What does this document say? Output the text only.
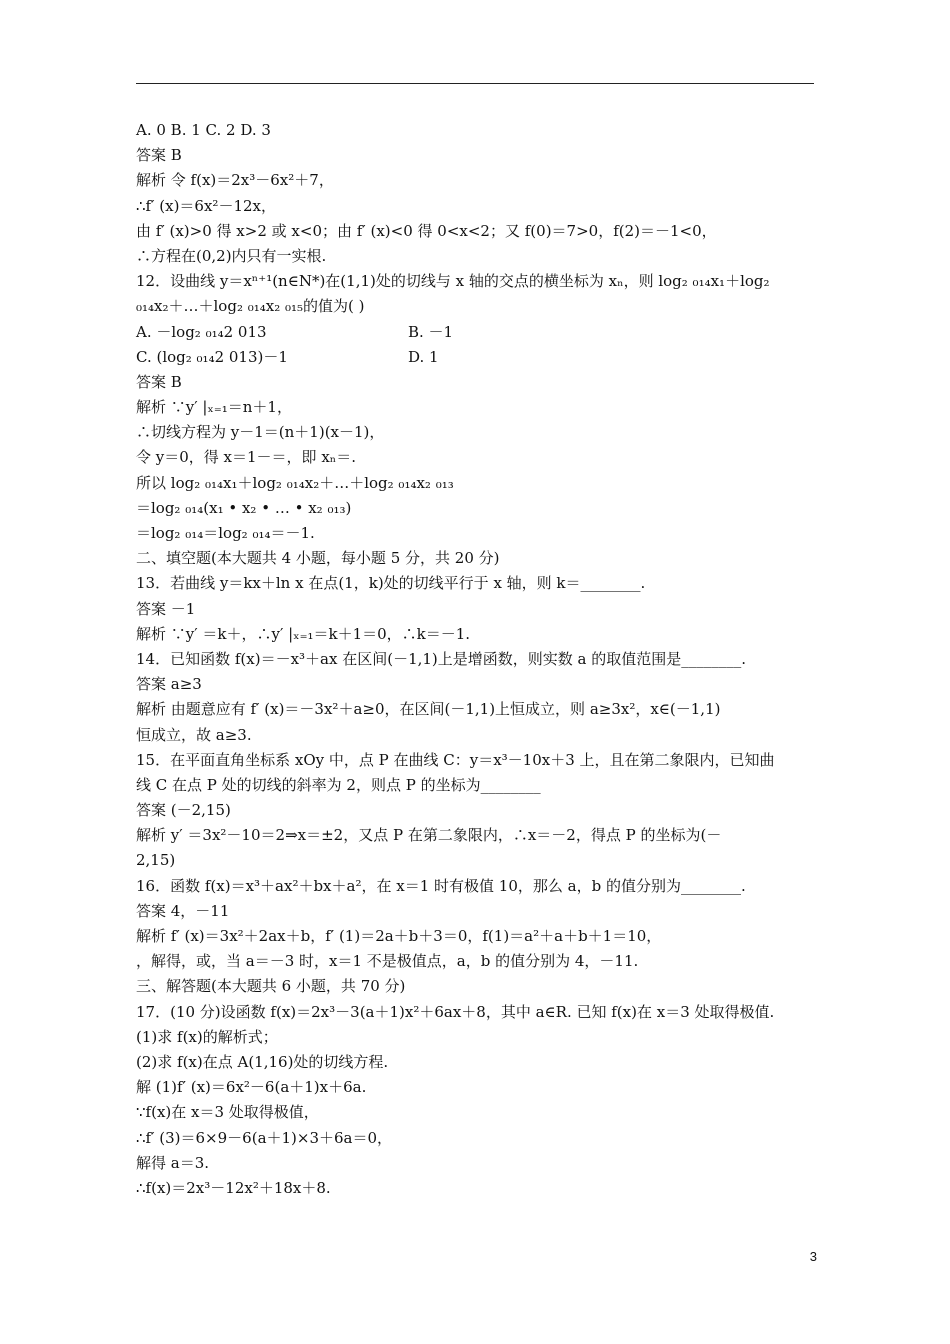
A. 0 B. 1 C. 2 D. 3
答案 B
解析 令 f(x)＝2x³－6x²＋7，
∴f′ (x)＝6x²－12x，
由 f′ (x)>0 得 x>2 或 x<0；由 f′ (x)<0 得 0<x<2；又 f(0)＝7>0，f(2)＝－1<0，
∴方程在(0,2)内只有一实根.
12．设曲线 y＝xⁿ⁺¹(n∈N*)在(1,1)处的切线与 x 轴的交点的横坐标为 xₙ，则 log₂ ₀₁₄x₁＋log₂
₀₁₄x₂＋…＋log₂ ₀₁₄x₂ ₀₁₅的值为( )
A. －log₂ ₀₁₄2 013	B. －1
C. (log₂ ₀₁₄2 013)－1	D. 1
答案 B
解析 ∵y′ |ₓ₌₁＝n＋1，
∴切线方程为 y－1＝(n＋1)(x－1)，
令 y＝0，得 x＝1－＝，即 xₙ＝.
所以 log₂ ₀₁₄x₁＋log₂ ₀₁₄x₂＋…＋log₂ ₀₁₄x₂ ₀₁₃
＝log₂ ₀₁₄(x₁ • x₂ • … • x₂ ₀₁₃)
＝log₂ ₀₁₄＝log₂ ₀₁₄＝－1.
二、填空题(本大题共 4 小题，每小题 5 分，共 20 分)
13．若曲线 y＝kx＋ln x 在点(1，k)处的切线平行于 x 轴，则 k＝________.
答案 －1
解析 ∵y′ ＝k＋，∴y′ |ₓ₌₁＝k＋1＝0，∴k＝－1.
14．已知函数 f(x)＝－x³＋ax 在区间(－1,1)上是增函数，则实数 a 的取值范围是________.
答案 a≥3
解析 由题意应有 f′ (x)＝－3x²＋a≥0，在区间(－1,1)上恒成立，则 a≥3x²，x∈(－1,1)
恒成立，故 a≥3.
15．在平面直角坐标系 xOy 中，点 P 在曲线 C：y＝x³－10x＋3 上，且在第二象限内，已知曲
线 C 在点 P 处的切线的斜率为 2，则点 P 的坐标为________
答案 (－2,15)
解析 y′ ＝3x²－10＝2⇒x＝±2，又点 P 在第二象限内，∴x＝－2，得点 P 的坐标为(－
2,15)
16．函数 f(x)＝x³＋ax²＋bx＋a²，在 x＝1 时有极值 10，那么 a，b 的值分别为________.
答案 4，－11
解析 f′ (x)＝3x²＋2ax＋b，f′ (1)＝2a＋b＋3＝0，f(1)＝a²＋a＋b＋1＝10，
，解得，或，当 a＝－3 时，x＝1 不是极值点，a，b 的值分别为 4，－11.
三、解答题(本大题共 6 小题，共 70 分)
17．(10 分)设函数 f(x)＝2x³－3(a＋1)x²＋6ax＋8，其中 a∈R. 已知 f(x)在 x＝3 处取得极值.
(1)求 f(x)的解析式；
(2)求 f(x)在点 A(1,16)处的切线方程.
解 (1)f′ (x)＝6x²－6(a＋1)x＋6a.
∵f(x)在 x＝3 处取得极值，
∴f′ (3)＝6×9－6(a＋1)×3＋6a＝0，
解得 a＝3.
∴f(x)＝2x³－12x²＋18x＋8.
3
